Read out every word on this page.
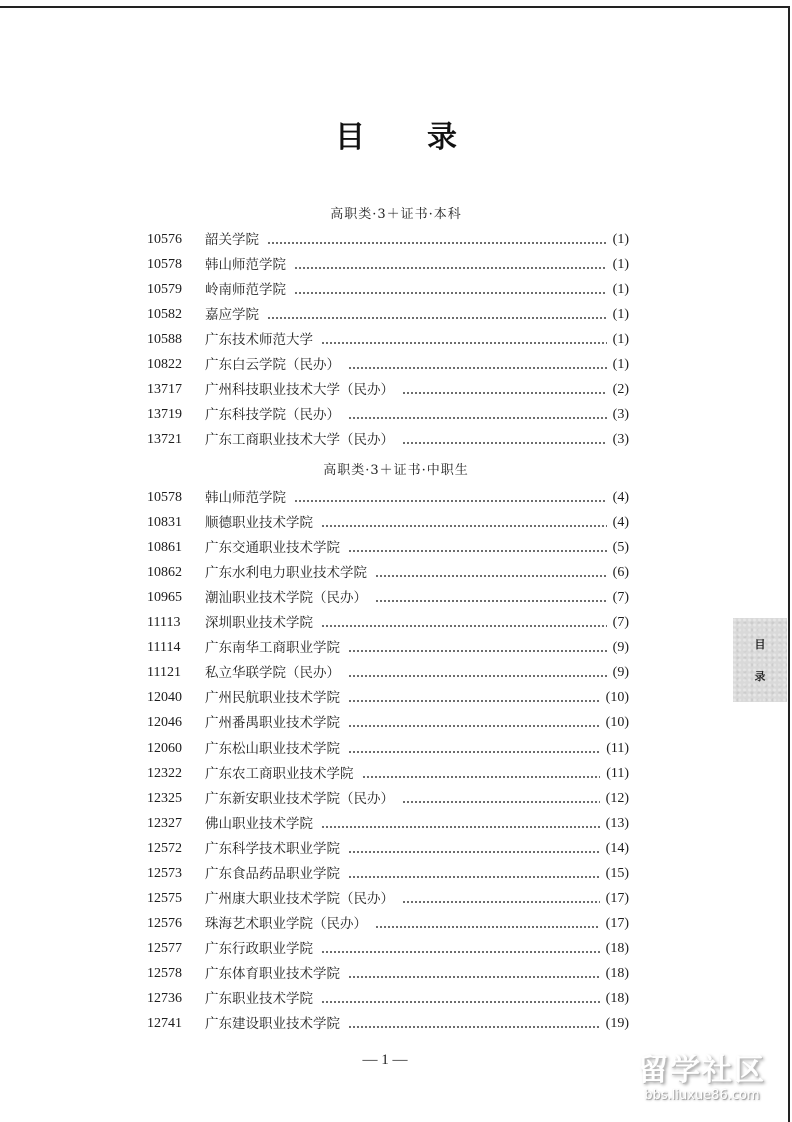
目 录
高职类·3＋证书·本科
10576	韶关学院	(1)
10578	韩山师范学院	(1)
10579	岭南师范学院	(1)
10582	嘉应学院	(1)
10588	广东技术师范大学	(1)
10822	广东白云学院（民办）	(1)
13717	广州科技职业技术大学（民办）	(2)
13719	广东科技学院（民办）	(3)
13721	广东工商职业技术大学（民办）	(3)
高职类·3＋证书·中职生
10578	韩山师范学院	(4)
10831	顺德职业技术学院	(4)
10861	广东交通职业技术学院	(5)
10862	广东水利电力职业技术学院	(6)
10965	潮汕职业技术学院（民办）	(7)
11113	深圳职业技术学院	(7)
11114	广东南华工商职业学院	(9)
11121	私立华联学院（民办）	(9)
12040	广州民航职业技术学院	(10)
12046	广州番禺职业技术学院	(10)
12060	广东松山职业技术学院	(11)
12322	广东农工商职业技术学院	(11)
12325	广东新安职业技术学院（民办）	(12)
12327	佛山职业技术学院	(13)
12572	广东科学技术职业学院	(14)
12573	广东食品药品职业学院	(15)
12575	广州康大职业技术学院（民办）	(17)
12576	珠海艺术职业学院（民办）	(17)
12577	广东行政职业学院	(18)
12578	广东体育职业技术学院	(18)
12736	广东职业技术学院	(18)
12741	广东建设职业技术学院	(19)
目
录
— 1 —	留学社区
bbs.liuxue86.com
